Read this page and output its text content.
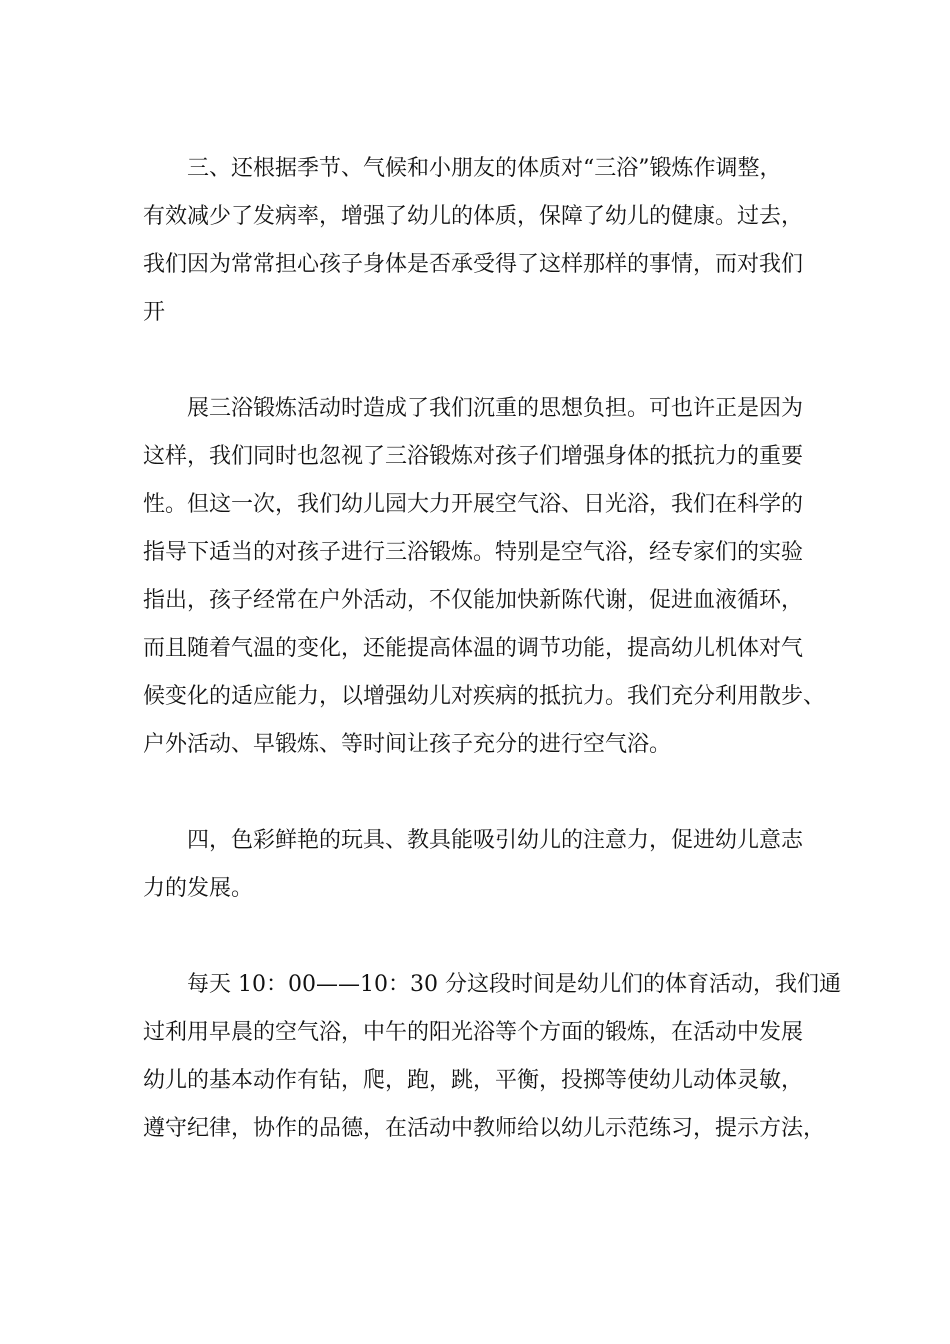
三、还根据季节、气候和小朋友的体质对“三浴”锻炼作调整，
有效减少了发病率，增强了幼儿的体质，保障了幼儿的健康。过去，
我们因为常常担心孩子身体是否承受得了这样那样的事情，而对我们
开
展三浴锻炼活动时造成了我们沉重的思想负担。可也许正是因为
这样，我们同时也忽视了三浴锻炼对孩子们增强身体的抵抗力的重要
性。但这一次，我们幼儿园大力开展空气浴、日光浴，我们在科学的
指导下适当的对孩子进行三浴锻炼。特别是空气浴，经专家们的实验
指出，孩子经常在户外活动，不仅能加快新陈代谢，促进血液循环，
而且随着气温的变化，还能提高体温的调节功能，提高幼儿机体对气
候变化的适应能力，以增强幼儿对疾病的抵抗力。我们充分利用散步、
户外活动、早锻炼、等时间让孩子充分的进行空气浴。
四，色彩鲜艳的玩具、教具能吸引幼儿的注意力，促进幼儿意志
力的发展。
每天 10：00——10：30 分这段时间是幼儿们的体育活动，我们通
过利用早晨的空气浴，中午的阳光浴等个方面的锻炼，在活动中发展
幼儿的基本动作有钻，爬，跑，跳，平衡，投掷等使幼儿动体灵敏，
遵守纪律，协作的品德，在活动中教师给以幼儿示范练习，提示方法，
